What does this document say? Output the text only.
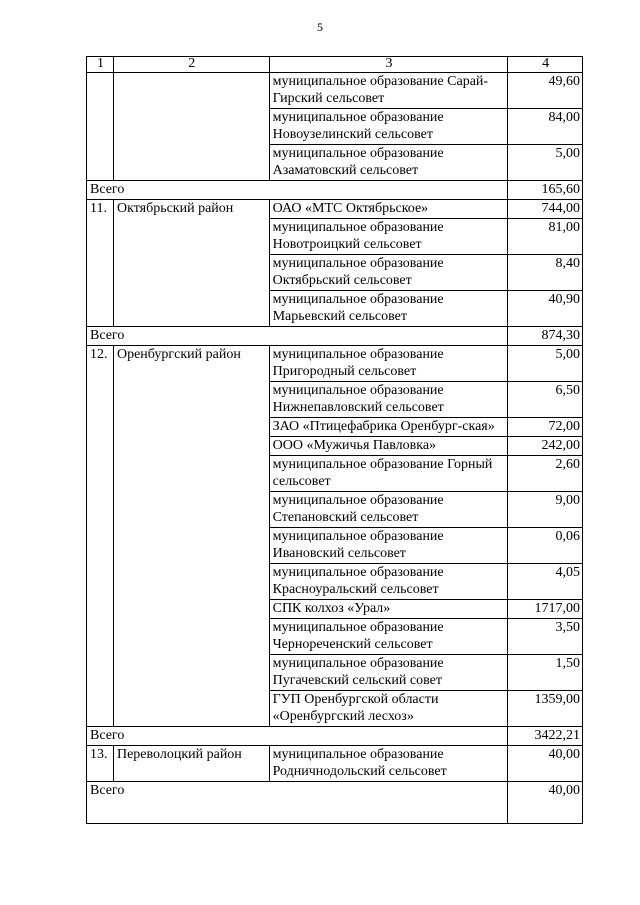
5
1	2	3	4
		муниципальное образование Сарай-Гирский сельсовет	49,60
		муниципальное образование Новоузелинский сельсовет	84,00
		муниципальное образование Азаматовский сельсовет	5,00
Всего			165,60
11.	Октябрьский район	ОАО «МТС Октябрьское»	744,00
		муниципальное образование Новотроицкий сельсовет	81,00
		муниципальное образование Октябрьский сельсовет	8,40
		муниципальное образование Марьевский сельсовет	40,90
Всего			874,30
12.	Оренбургский район	муниципальное образование Пригородный сельсовет	5,00
		муниципальное образование Нижнепавловский сельсовет	6,50
		ЗАО «Птицефабрика Оренбург-ская»	72,00
		ООО «Мужичья Павловка»	242,00
		муниципальное образование Горный сельсовет	2,60
		муниципальное образование Степановский сельсовет	9,00
		муниципальное образование Ивановский сельсовет	0,06
		муниципальное образование Красноуральский сельсовет	4,05
		СПК колхоз «Урал»	1717,00
		муниципальное образование Чернореченский сельсовет	3,50
		муниципальное образование Пугачевский сельский совет	1,50
		ГУП Оренбургской области «Оренбургский лесхоз»	1359,00
Всего			3422,21
13.	Переволоцкий район	муниципальное образование Родничнодольский сельсовет	40,00
Всего			40,00
